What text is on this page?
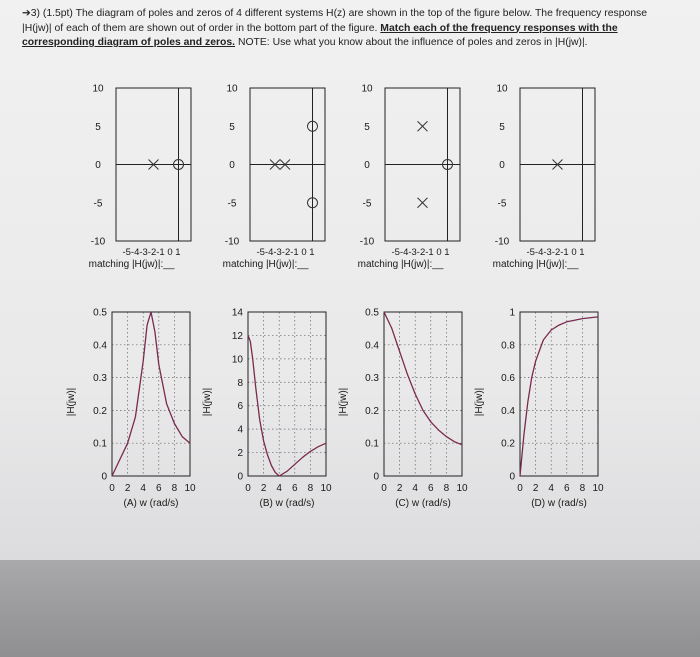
➔3) (1.5pt) The diagram of poles and zeros of 4 different systems H(z) are shown in the top of the figure below. The frequency response |H(jw)| of each of them are shown out of order in the bottom part of the figure. Match each of the frequency responses with the corresponding diagram of poles and zeros. NOTE: Use what you know about the influence of poles and zeros in |H(jw)|.
10
5
0
-5
-10
-5-4-3-2-1 0 1
matching |H(jw)|:__
10
5
0
-5
-10
-5-4-3-2-1 0 1
matching |H(jw)|:__
10
5
0
-5
-10
-5-4-3-2-1 0 1
matching |H(jw)|:__
10
5
0
-5
-10
-5-4-3-2-1 0 1
matching |H(jw)|:__
0.5
0.4
0.3
0.2
0.1
0
0 2 4 6 8 10
(A) w (rad/s)
|H(jw)|
14
12
10
8
6
4
2
0
0 2 4 6 8 10
(B) w (rad/s)
|H(jw)|
0.5
0.4
0.3
0.2
0.1
0
0 2 4 6 8 10
(C) w (rad/s)
|H(jw)|
1
0.8
0.6
0.4
0.2
0
0 2 4 6 8 10
(D) w (rad/s)
|H(jw)|
